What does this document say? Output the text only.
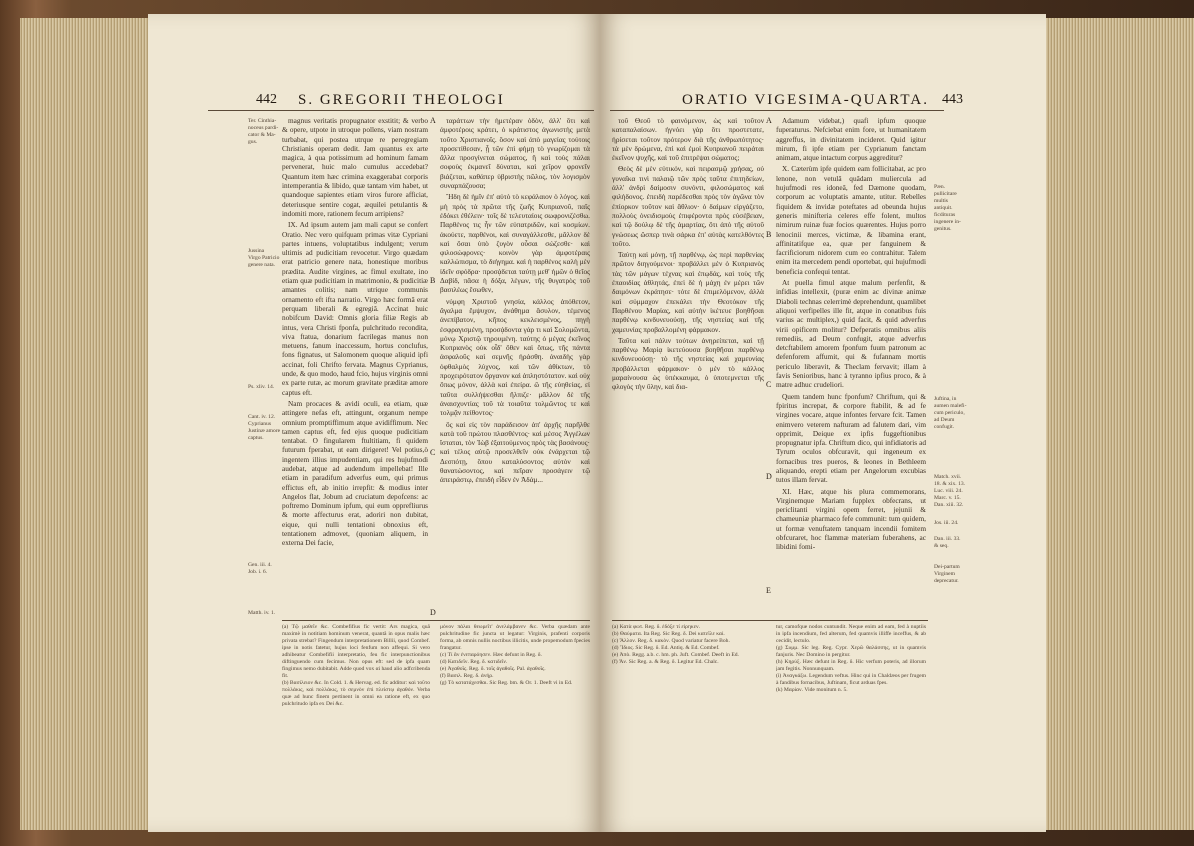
442 S. GREGORII THEOLOGI
Ter. Cinthia-
noceus pardi-
cator & Ma-
gus.
Jussina
Virgo Patricio
genere nata.
Ps. xliv. 14.
Cant. iv. 12.
Cyprianus
Justinæ amore
captus.
Gen. iii. 4.
Job. i. 6.
Matth. iv. 1.

magnus veritatis propugnator exstitit; & verbo & opere, utpote in utroque pollens, viam nostram turbabat, qui postea utrque re peregregiam Christianis operam dedit. Jam quantus ex arte magica, à qua potissimum ad hominum famam pervenerat, huic malo cumulus accedebat? Quantum item hæc crimina exaggerabat corporis intemperantia & libido, quæ tantam vim habet, ut quandoque sapientes etiam viros furore afficiat, deteriusque sentire cogat, æquilei petulantis & indomiti more, rationem fecum arripiens?

IX. Ad ipsum autem jam mali caput se confert Oratio. Nec vero quifquam primas vitæ Cypriani partes intuens, voluptatibus indulgent; verum ultimis ad pudicitiam revocetur. Virgo quædam erat patricio genere nata, honestique moribus prædita. Audite virgines, ac fimul exultate, ino etiam quæ pudicitiam in matrimonio, & pudicitiæ amantes colitis; nam utrique communis ornamento eft ifta narratio. Virgo hæc formâ erat perquam liberali & egregiâ. Accinat huic nobifcum David: Omnis gloria filiæ Regis ab intus, vera Christi fponfa, pulchritudo recondita, viva ftatua, donarium facrilegas manus non metuens, fanum inaccessum, hortus conclufus, fons fignatus, ut Salomonem quoque aliquid ipfi accinat, foli Chrifto fervata. Magnus Cyprianus, unde, & quo modo, haud fcio, hujus virginis omni ex parte rutæ, ac morum gravitate præditæ amore captus eft.

Nam procaces & avidi oculi, ea etiam, quæ attingere nefas eft, attingunt, organum nempe omnium promptiffimum atque avidiffimum. Nec tamen captus eft, fed ejus quoque pudicitiam tentabat. O fingularem ftultitiam, fi quidem futurum fperabat, ut eam dirigeret! Vel potius,ò ingentem illius impudentiam, qui res hujufmodi audebat, atque ad audendum impellebat! Ille etiam in paradifum adverfus eum, qui primus effictus eft, ab initio irrepfit: & modius inter Angelos flat, Jobum ad cruciatum depofcens: ac poftremo Dominum ipfum, qui eum opprefliurus & morte affecturus erat, adoriri non dubitat, eique, qui nulli tentationi obnoxius eft, tentationem admovet, (quoniam aliquem, in externa Dei facie,

A
B
C
D

ταράττων τὴν ἡμετέραν ὁδὸν, ἀλλ' ὅτι καὶ ἀμφοτέροις κράτει, ὁ κράτιστος ἀγωνιστὴς μετὰ τοῦτο Χριστιανοῖς. ὅσον καὶ ἀπὸ μαγείας τούτοις προσετίθεσαν, ᾗ τῶν ἐπὶ φήμῃ τὸ γνωρίζομαι τὰ ἄλλα προσγίνεται σώματος, ἢ καὶ τοὺς πάλαι σοφοὺς ἐκμανεῖ δύναται, καὶ χεῖρον φρονεῖν βιάζεται, καθάπερ ὑβριστὴς πῶλος, τὸν λογισμὸν συναρπάζουσα;

Ἤδη δὲ ἡμῖν ἐπ' αὐτὸ τὸ κεφάλαιον ὁ λόγος. καὶ μὴ πρὸς τὰ πρῶτα τῆς ζωῆς Κυπριανοῦ, παῖς ἐδόκει ἐθέλειν· τοῖς δὲ τελευταίοις σωφρονιζέσθω. Παρθένος τις ἦν τῶν εὐπατριδῶν, καὶ κοσμίων. ἀκούετε, παρθένοι, καὶ συναγάλλεσθε, μᾶλλον δὲ καὶ ὅσαι ὑπὸ ζυγὸν οὖσαι σώζεσθε· καὶ φιλοσώφρονες· κοινὸν γὰρ ἀμφοτέραις καλλώπισμα, τὸ διήγημα. καὶ ἡ παρθένος καλὴ μὲν ἰδεῖν σφόδρα· προσᾴδεται ταύτῃ μεθ' ἡμῶν ὁ θεῖος Δαβίδ, πᾶσα ἡ δόξα, λέγων, τῆς θυγατρὸς τοῦ βασιλέως ἔσωθεν,

νύμφη Χριστοῦ γνησία, κάλλος ἀπόθετον, ἄγαλμα ἔμψυχον, ἀνάθημα ἄσυλον, τέμενος ἀνεπίβατον, κῆπος κεκλεισμένος, πηγὴ ἐσφραγισμένη, προσᾴδοντα γάρ τι καὶ Σολομῶντα, μόνῳ Χριστῷ τηρουμένη. ταύτης ὁ μέγας ἐκεῖνος Κυπριανὸς οὐκ οἶδ' ὅθεν καὶ ὅπως, τῆς πάντα ἀσφαλοῦς καὶ σεμνῆς ἠράσθη. ἀναιδὴς γὰρ ὀφθαλμὸς λύχνος, καὶ τῶν ἀθίκτων, τὸ προχειρότατον ὄργανον καὶ ἀπληστότατον. καὶ οὐχ ὅπως μόνον, ἀλλὰ καὶ ἐπείρα. ὢ τῆς εὐηθείας, εἰ ταῦτα συλλήψεσθαι ἤλπιζε· μᾶλλον δὲ τῆς ἀναισχυντίας τοῦ τὰ τοιαῦτα τολμῶντος τε καὶ τολμᾷν πείθοντος·

ὃς καὶ εἰς τὸν παράδεισον ἀπ' ἀρχῆς παρῆλθε κατὰ τοῦ πρώτου πλασθέντος· καὶ μέσος Ἀγγέλων ἵσταται, τὸν Ἰὼβ ἐξαιτούμενος πρὸς τὰς βασάνους· καὶ τέλος αὐτῷ προσελθεῖν οὐκ ἐνάρχεται τῷ Δεσπότῃ, ὅπου καταλύσοντος αὐτὸν καὶ θανατώσοντος, καὶ πεῖραν προσάγειν τῷ ἀπειράστῳ, ἐπειδὴ εἶδεν ἐν Ἀδάμ...

(a) Τῷ μαθεῖν &c. Combefifius fic vertit: Ars magica, quâ maximè in notitiam hominum venerat, quantâ in opus malis hæc privata strebat? Fingendum interpretationem Billii, quod Combef. ipse in notis fatetur, hujus loci fenfum non affequi. Si vero adhibeatur Combefifii interpretatio, feu fic interpunctionibus diftinguendo cum fecimus. Non opus eft: sed de ipfa quam fingimus nemo dubitabit. Adde quod vox αἱ haud alio adfcribenda fit.
(b) Βασίλειον &c. In Cold. 1. & Hervag. ed. fic additur: καὶ τοῦτο πολλάκις, καὶ πολλάκις, τὸ σεμνὸν ἐπὶ πλείστῳ ἀγαθόν. Verba quæ ad hunc finem pertinent in omni ea ratione eft, ex quo pulchritudo ipfa ex Dei &c.
μόνον πάλαι θεωρεῖτ' ἀνελάμβανεν &c. Verba quædam ante pulchritudine fic juncta ut legatur: Virginis, prafenti corporis forma, ab omnis nullis noctibus illicitis, unde propemodum fpecies frangatur.
(c) Τί ἂν ἐνεπαρόησεν. Hæc defunt in Reg. δ.
(d) Κατιδεῖν. Reg. δ. κατιδεῖν.
(e) Ἀγαθοῖς. Reg. δ. τοῖς ἀγαθοῖς. Pal. ἀγαθοῖς.
(f) Βασιλ. Reg. δ. ἀνήρ.
(g) Τὸ κατατάχεσθαι. Sic Reg. bm. & Or. 1. Deeft vi in Ed.
ORATIO VIGESIMA-QUARTA. 443

τοῦ Θεοῦ τὸ φαινόμενον, ὡς καὶ τοῦτον καταπαλαίσων. ἠγνόει γὰρ ὅτι προστετατε, ἠρίσεται τοῦτον πρότερον διὰ τῆς ἀνθρωπότητος· τὰ μὲν δρώμενα, ἐπὶ καὶ ἐμοὶ Κυπριανοῦ πειράται ἐκεῖνον ψυχῆς, καὶ τοῦ ἐπιτρέψαι σώματος;

Θεὸς δὲ μὲν εὐτικόν, καὶ πειρασμῷ χρήσας, οὐ γυναῖκα τινὶ παλαιῷ τῶν πρὸς ταῦτα ἐπιτηδείων, ἀλλ' ἀνδρὶ δαίμοσιν συνόντι, φιλοσώματος καὶ φιλήδονος. ἐπειδὴ παρέδεσθαι πρὸς τὸν ἀγῶνα τὸν ἐπίορκον τοῦτον καὶ ἄθλιον· ὁ δαίμων εἰργάζετο, πολλοὺς ὀνειδισμοὺς ἐπιφέροντα πρὸς εὐσέβειαν, καὶ τῷ δούλῳ δὲ τῆς ἁμαρτίας, ὅτι ἀπὸ τῆς αὐτοῦ γνώσεως ὥσπερ τινὰ σάρκα ἐπ' αὐτὰς κατελθόντες τοῦτο.

Ταύτῃ καὶ μόνῃ, τῇ παρθένῳ, ὡς περὶ παρθενίας πρῶτον διηγούμενοι· προβάλλει μὲν ὁ Κυπριανὸς τὰς τῶν μάγων τέχνας καὶ ἐπῳδάς, καὶ τοὺς τῆς ἐπαοιδίας ἀθλητάς, ἐπεὶ δὲ ἡ μάχη ἐν μέρει τῶν δαιμόνων ἐκράτησε· τότε δὲ ἐπιμελόμενον, ἀλλὰ καὶ σύμμαχον ἐπεκάλει τὴν Θεοτόκον τῆς Παρθένου Μαρίας, καὶ αὐτὴν ἱκέτευε βοηθῆσαι παρθένῳ κινδυνευούσῃ, τῆς νηστείας καὶ τῆς χαμευνίας προβαλλομένη φάρμακον.

Ταῦτα καὶ πάλιν τούτων ἀνηρείπεται, καὶ τῇ παρθένῳ Μαρίᾳ ἱκετεύουσα βοηθῆσαι παρθένῳ κινδυνευούσῃ· τὸ τῆς νηστείας καὶ χαμευνίας προβάλλεται φάρμακον· ὁ μὲν τὸ κάλλος μαραίνουσα ὡς ὑπέκκαυμα, ὁ ὑποτεμνεται τῆς φλογὸς τὴν ὕλην, καὶ δια-

A
B
C
D
E

Adamum videbat,) quafi ipfum quoque fuperaturus. Nefciebat enim fore, ut humanitatem aggreffus, in divinitatem incideret. Quid igitur mirum, fi ipfe etiam per Cyprianum fanctam animam, atque intactum corpus aggreditur?

X. Cæterùm ipfe quidem eam follicitabat, ac pro lenone, non vetulâ quâdam muliercula ad hujufmodi res idoneâ, fed Dæmone quodam, corporum ac voluptatis amante, utitur. Rebelles fiquidem & invidæ poteftates ad obeunda hujus generis minifteria celeres effe folent, multos nimirum ruinæ fuæ focios quærentes. Hujus porro lenocinii merces, victimæ, & libamina erant, affinitatifque ea, quæ per fanguinem & facrificiorum nidorem cum eo contrahitur. Talem enim ita mercedem pendi oportebat, qui hujufmodi beneficia confequi tentat.

At puella fimul atque malum perfenfit, & infidias intellexit, (puræ enim ac divinæ animæ Diaboli technas celerrimè deprehendunt, quamlibet aliquoi verfipelles ille fit, atque in conatibus fuis varius ac multiplex,) quid facit, & quid adverfus virii opificem molitur? Defperatis omnibus aliis remediis, ad Deum confugit, atque adverfus detcftabilem amorem fponfum fuum patronum ac defenforem affumit, qui & fufannam mortis periculo liberavit, & Theclam fervavit; illam à favis Senioribus, hanc à tyranno ipfius proco, & à matre adhuc crudeliori.

Quem tandem hunc fponfum? Chriftum, qui & fpiritus increpat, & corpore ftabilit, & ad fe virgines vocare, atque infontes fervare fcit. Tamen enimvero veterem nafturam ad falutem dari, vim opprimit, Deique ex ipfis fuggeftionibus propugnatur ipfa. Chriftum dico, qui infidiatoris ad Tyrum oculos obfcuravit, qui ingeneum ex fornacibus tres pueros, & leones in Bethleem aliquando, erepti etiam per Angelorum excubias tutos illam fervat.

XI. Hæc, atque his plura commemorans, Virginemque Mariam fupplex obfecrans, ut periclitanti virgini opem ferret, jejunii & chameuniæ pharmaco fefe communit: tum quidem, ut formæ venuftatem tanquam incendii fomitem obfcuraret, hoc flammæ materiam fuberahens, ac libidini fomi-

Pæn. pullicitare multis
antiquit. ficdituras
ingenere in-
genitus.
Juftina, in
aumen malefi-
cum periculo,
ad Deum
confugit.
Match. xvii.
18. & xix. 13.
Luc. viii. 24.
Marc. v. 15.
Dan. xiii. 32.
Jos. iii. 24.
Dan. iii. 33.
& seq.
Dei-partum
Virginem deprecatur.
(a) Κατὰ φωτ. Reg. δ. ἐδόξε τί εἰρηκεν.
(b) Θαύματα. Ita Reg. Sic Reg. δ. Dei κατεῖλε καί.
(c) Ἄλλον. Reg. δ. κακὸν. Quod variatur facere Boh.
(d) Ἴδιος. Sic Reg. δ. Ed. Antiq. & Ed. Combef.
(e) Ἀπὸ. Regg. a.b. c. hm. ph. Juft. Combef. Deeft in Ed.
(f) Ἄν. Sic Reg. a. & Reg. δ. Legitur Ed. Chalc.
tur, camofque nodos cuntundit. Neque enim ad eam, fed à nuptiis in ipfa incendium, fed alterum, fed quamvis illiffe inceffus, & ab cecidit, lectulo.
(g) Συμμ. Sic leg. Reg. Cypr. Χερῶ θαλάσσης, ut in quamvis fanjuris. Nec Domino in pergitur.
(h) Κηρύξ. Hæc defunt in Reg. δ. Hic verfum poteris, ad illorum jam fegitis. Nonnunquam.
(i) Ἀναγκάζω. Legendum veftus. Hinc qui in Chaldæos per frugem à fandibus fornacibus, Juftinam, ficut arduas fpes.
(k) Μαρίαν. Vide monitum n. 5.
